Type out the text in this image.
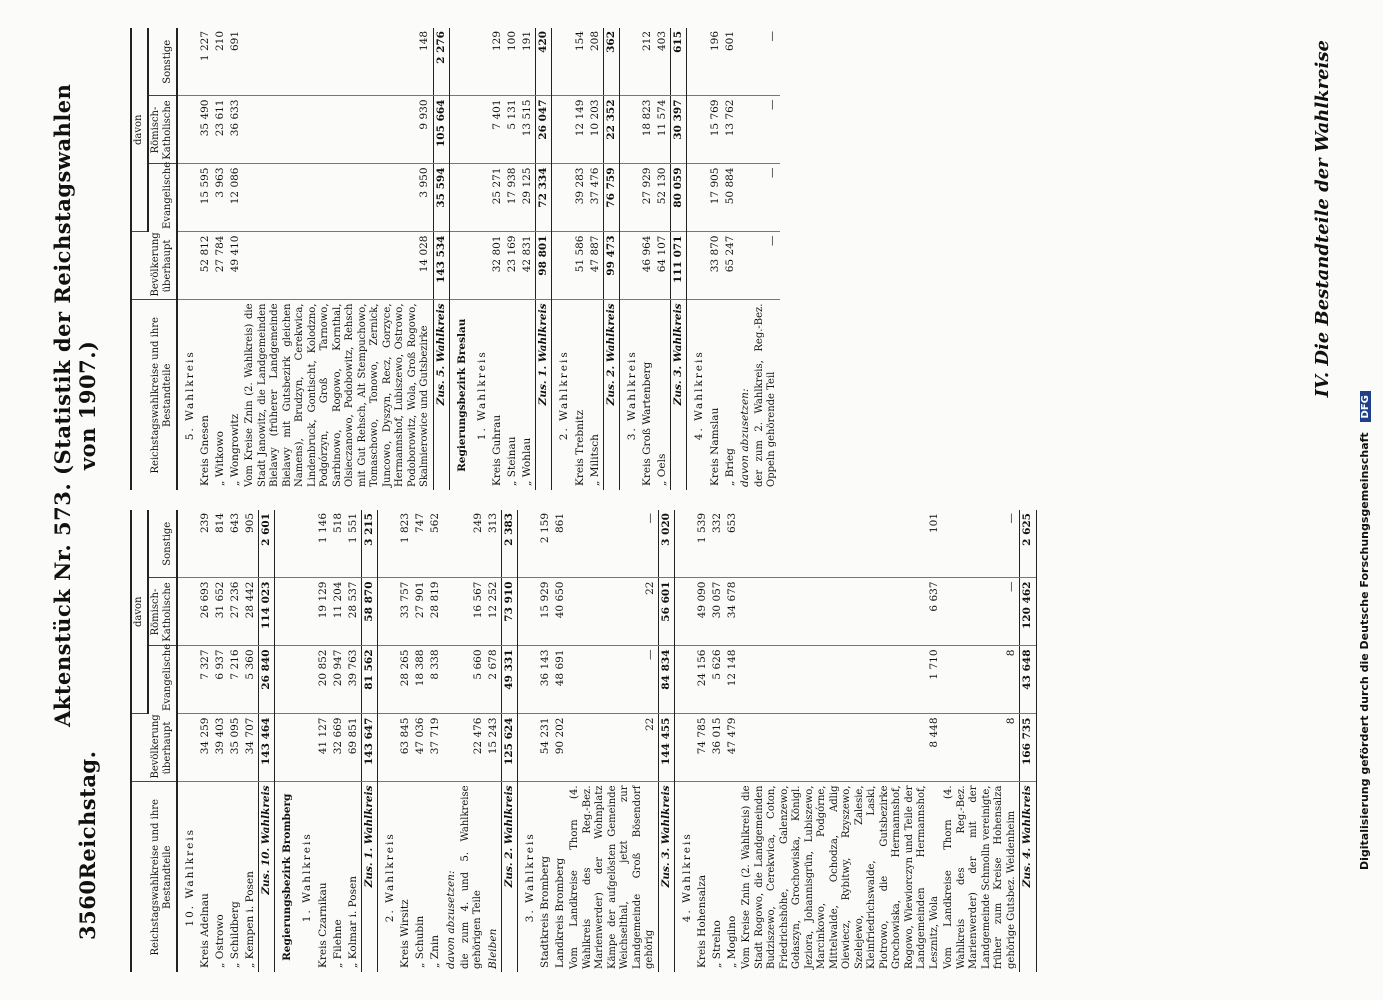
3560
Reichstag.
Aktenstück Nr. 573. (Statistik der Reichstagswahlen von 1907.)
Reichstagswahlkreise und ihre Bestandteile	Bevölkerung überhaupt	davon		
		Evangelische	Römisch-Katholische	Sonstige
10. Wahlkreis				
Kreis Adelnau	34 259	7 327	26 693	239
„ Ostrowo	39 403	6 937	31 652	814
„ Schildberg	35 095	7 216	27 236	643
„ Kempen i. Posen	34 707	5 360	28 442	905
Zus. 10. Wahlkreis	143 464	26 840	114 023	2 601
Regierungsbezirk Bromberg				
1. Wahlkreis				
Kreis Czarnikau	41 127	20 852	19 129	1 146
„ Filehne	32 669	20 947	11 204	518
„ Kolmar i. Posen	69 851	39 763	28 537	1 551
Zus. 1. Wahlkreis	143 647	81 562	58 870	3 215
2. Wahlkreis				
Kreis Wirsitz	63 845	28 265	33 757	1 823
„ Schubin	47 036	18 388	27 901	747
„ Znin	37 719	8 338	28 819	562
davon abzusetzen:				
die zum 4. und 5. Wahlkreise gehörigen Teile	22 476	5 660	16 567	249
Bleiben	15 243	2 678	12 252	313
Zus. 2. Wahlkreis	125 624	49 331	73 910	2 383
3. Wahlkreis				
Stadtkreis Bromberg	54 231	36 143	15 929	2 159
Landkreis Bromberg	90 202	48 691	40 650	861
Vom Landkreise Thorn (4. Wahlkreis des Reg.-Bez. Marienwerder) der Wohnplatz Kämpe der aufgelösten Gemeinde Weichselthal, jetzt zur Landgemeinde Groß Bösendorf gehörig	22	—	22	—
Zus. 3. Wahlkreis	144 455	84 834	56 601	3 020
4. Wahlkreis				
Kreis Hohensalza	74 785	24 156	49 090	1 539
„ Strelno	36 015	5 626	30 057	332
„ Mogilno	47 479	12 148	34 678	653
Vom Kreise Znin (2. Wahlkreis) die Stadt Rogowo, die Landgemeinden Budziszewo, Cerekwica, Coton, Friedrichshöhe, Galenzewo, Gołaszyn, Grochowiska, Königl. Jeziora, Johannisgrün, Lubiszewo, Marcinkowo, Podgórne, Mittelwalde, Ochodza, Adlig Oiewiecz, Rybitwy, Rzyszewo, Szelejewo, Zalesie, Kleinfriedrichswalde, Laski, Piotrowo, die Gutsbezirke Grochowiska, Hermannshof, Rogowo, Wiewiorczyn und Teile der Landgemeinden Hermannshof, Lesznitz, Wola	8 448	1 710	6 637	101
Vom Landkreise Thorn (4. Wahlkreis des Reg.-Bez. Marienwerder) der mit der Landgemeinde Schmolln vereinigte, früher zum Kreise Hohensalza gehörige Gutsbez. Weidenheim	8	8	—	—
Zus. 4. Wahlkreis	166 735	43 648	120 462	2 625
Reichstagswahlkreise und ihre Bestandteile	Bevölkerung überhaupt	davon		
		Evangelische	Römisch-Katholische	Sonstige
5. Wahlkreis				
Kreis Gnesen	52 812	15 595	35 490	1 227
„ Witkowo	27 784	3 963	23 611	210
„ Wongrowitz	49 410	12 086	36 633	691
Vom Kreise Znin (2. Wahlkreis) die Stadt Janowitz, die Landgemeinden Bielawy (früherer Landgemeinde Bielawy mit Gutsbezirk gleichen Namens), Brudzyn, Cerekwica, Lindenbruck, Gontischt, Kolodzno, Podgórzyn, Groß Tarnowo, Sarbinowo, Rogowo, Kornthal, Olsieczanowo, Podobowitz, Rehsch mit Gut Rehsch, Alt Stempuchowo, Tomaschowo, Tonowo, Zernick, Juncowo, Dyszyn, Recz, Gorzyce, Hermannshof, Lubiszewo, Ostrowo, Podoborowitz, Wola, Groß Rogowo, Skalmierowice und Gutsbezirke	14 028	3 950	9 930	148
Zus. 5. Wahlkreis	143 534	35 594	105 664	2 276
Regierungsbezirk Breslau				
1. Wahlkreis				
Kreis Guhrau	32 801	25 271	7 401	129
„ Steinau	23 169	17 938	5 131	100
„ Wohlau	42 831	29 125	13 515	191
Zus. 1. Wahlkreis	98 801	72 334	26 047	420
2. Wahlkreis				
Kreis Trebnitz	51 586	39 283	12 149	154
„ Militsch	47 887	37 476	10 203	208
Zus. 2. Wahlkreis	99 473	76 759	22 352	362
3. Wahlkreis				
Kreis Groß Wartenberg	46 964	27 929	18 823	212
„ Oels	64 107	52 130	11 574	403
Zus. 3. Wahlkreis	111 071	80 059	30 397	615
4. Wahlkreis				
Kreis Namslau	33 870	17 905	15 769	196
„ Brieg	65 247	50 884	13 762	601
davon abzusetzen:				
der zum 2. Wahlkreis, Reg.-Bez. Oppeln gehörende Teil	—	—	—	—
IV. Die Bestandteile der Wahlkreise
Digitalisierung gefördert durch die Deutsche Forschungsgemeinschaft DFG
